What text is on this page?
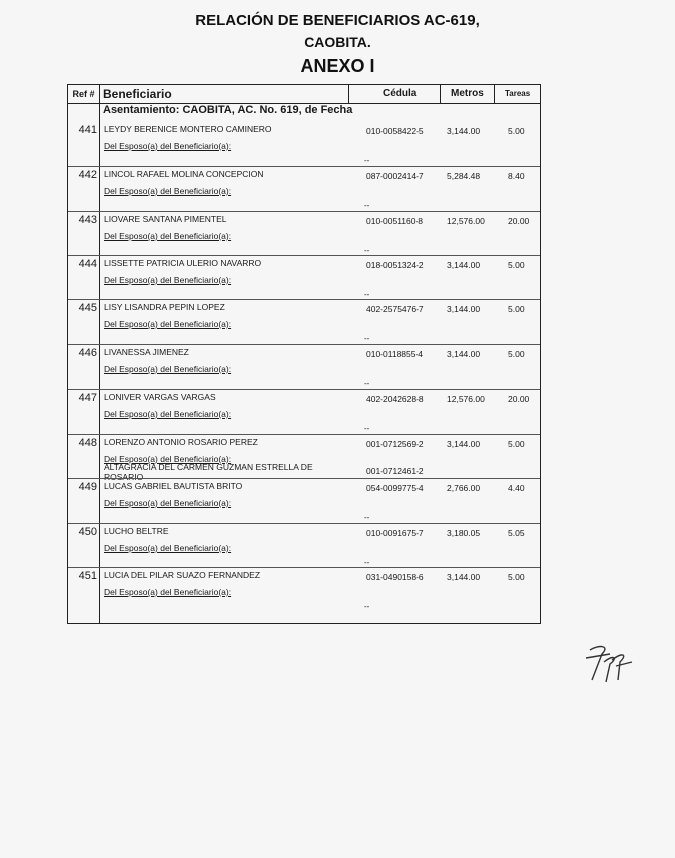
RELACIÓN DE BENEFICIARIOS AC-619,
CAOBITA.
ANEXO I
Ref # Beneficiario	Cédula	Metros	Tareas
Asentamiento: CAOBITA, AC. No. 619, de Fecha
441 LEYDY BERENICE MONTERO CAMINERO
Del Esposo(a) del Beneficiario(a):
010-0058422-5	3,144.00	5.00
--
442 LINCOL RAFAEL MOLINA CONCEPCION
Del Esposo(a) del Beneficiario(a):
087-0002414-7	5,284.48	8.40
--
443 LIOVARE SANTANA PIMENTEL
Del Esposo(a) del Beneficiario(a):
010-0051160-8	12,576.00	20.00
--
444 LISSETTE PATRICIA ULERIO NAVARRO
Del Esposo(a) del Beneficiario(a):
018-0051324-2	3,144.00	5.00
--
445 LISY LISANDRA PEPIN LOPEZ
Del Esposo(a) del Beneficiario(a):
402-2575476-7	3,144.00	5.00
--
446 LIVANESSA JIMENEZ
Del Esposo(a) del Beneficiario(a):
010-0118855-4	3,144.00	5.00
--
447 LONIVER VARGAS VARGAS
Del Esposo(a) del Beneficiario(a):
402-2042628-8	12,576.00	20.00
--
448 LORENZO ANTONIO ROSARIO PEREZ
Del Esposo(a) del Beneficiario(a):
001-0712569-2	3,144.00	5.00
ALTAGRACIA DEL CARMEN GUZMAN ESTRELLA DE ROSARIO
001-0712461-2
449 LUCAS GABRIEL BAUTISTA BRITO
Del Esposo(a) del Beneficiario(a):
054-0099775-4	2,766.00	4.40
--
450 LUCHO BELTRE
Del Esposo(a) del Beneficiario(a):
010-0091675-7	3,180.05	5.05
--
451 LUCIA DEL PILAR SUAZO FERNANDEZ
Del Esposo(a) del Beneficiario(a):
031-0490158-6	3,144.00	5.00
--
